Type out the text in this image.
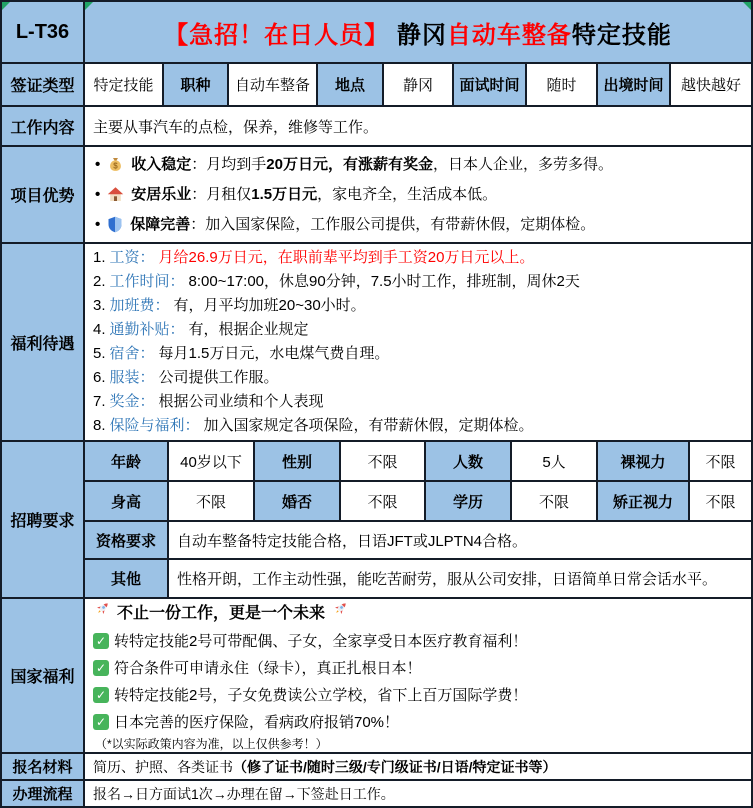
L-T36	【急招！在日人员】 静冈自动车整备特定技能
签证类型	特定技能	职种	自动车整备	地点	静冈	面试时间	随时	出境时间	越快越好
工作内容	主要从事汽车的点检，保养，维修等工作。
项目优势
• $ 收入稳定：月均到手20万日元，有涨薪有奖金，日本人企业，多劳多得。
• 安居乐业：月租仅1.5万日元，家电齐全，生活成本低。
• 保障完善：加入国家保险，工作服公司提供，有带薪休假，定期体检。
福利待遇
1. 工资： 月给26.9万日元，在职前辈平均到手工资20万日元以上。
2. 工作时间： 8:00~17:00，休息90分钟，7.5小时工作，排班制，周休2天
3. 加班费： 有，月平均加班20~30小时。
4. 通勤补贴： 有，根据企业规定
5. 宿舍： 每月1.5万日元，水电煤气费自理。
6. 服装： 公司提供工作服。
7. 奖金： 根据公司业绩和个人表现
8. 保险与福利： 加入国家规定各项保险，有带薪休假，定期体检。
招聘要求
年龄	40岁以下	性别	不限	人数	5人	裸视力	不限
身高	不限	婚否	不限	学历	不限	矫正视力	不限
资格要求	自动车整备特定技能合格，日语JFT或JLPTN4合格。
其他	性格开朗，工作主动性强，能吃苦耐劳，服从公司安排，日语简单日常会话水平。
国家福利
不止一份工作，更是一个未来
✓ 转特定技能2号可带配偶、子女，全家享受日本医疗教育福利！
✓ 符合条件可申请永住（绿卡），真正扎根日本！
✓ 转特定技能2号，子女免费读公立学校，省下上百万国际学费！
✓ 日本完善的医疗保险，看病政府报销70%！
（*以实际政策内容为准，以上仅供参考！）
报名材料	简历、护照、各类证书 （修了证书/随时三级/专门级证书/日语/特定证书等）
办理流程	报名→日方面试1次→办理在留→下签赴日工作。
